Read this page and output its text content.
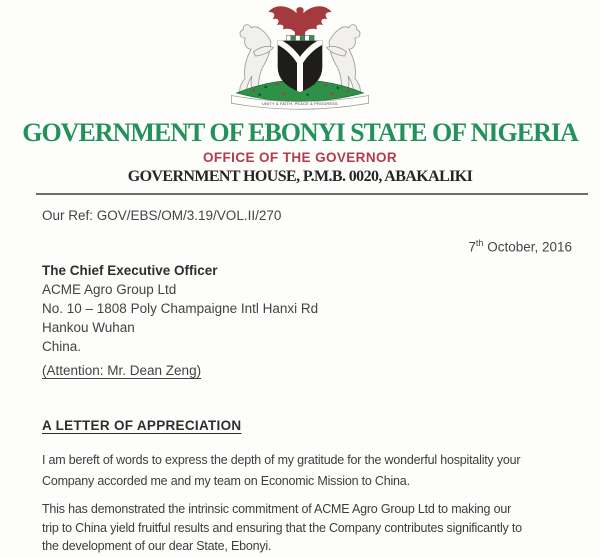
UNITY & FAITH, PEACE & PROGRESS
GOVERNMENT OF EBONYI STATE OF NIGERIA
OFFICE OF THE GOVERNOR
GOVERNMENT HOUSE, P.M.B. 0020, ABAKALIKI
Our Ref: GOV/EBS/OM/3.19/VOL.II/270
7th October, 2016
The Chief Executive Officer
ACME Agro Group Ltd
No. 10 – 1808 Poly Champaigne Intl Hanxi Rd
Hankou Wuhan
China.
(Attention: Mr. Dean Zeng)
A LETTER OF APPRECIATION
I am bereft of words to express the depth of my gratitude for the wonderful hospitality your
Company accorded me and my team on Economic Mission to China.
This has demonstrated the intrinsic commitment of ACME Agro Group Ltd to making our
trip to China yield fruitful results and ensuring that the Company contributes significantly to
the development of our dear State, Ebonyi.
